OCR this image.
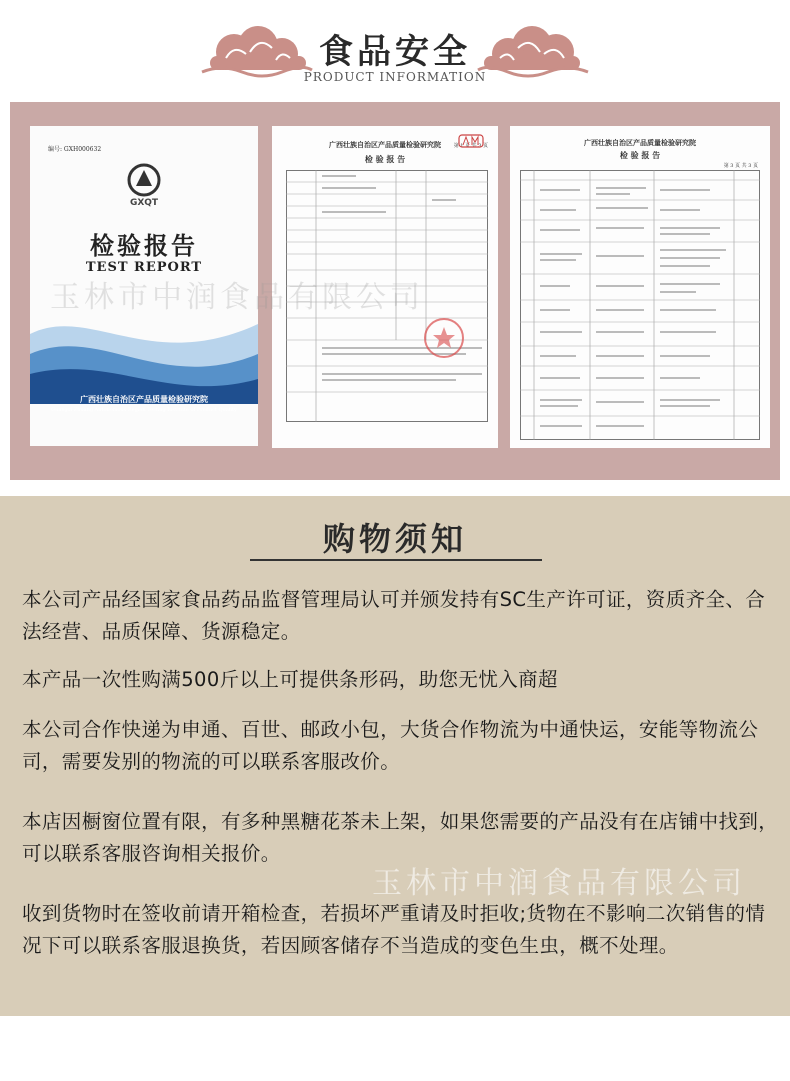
食品安全
PRODUCT INFORMATION
编号: GXH000632
GXQT
检验报告
TEST REPORT
广西壮族自治区产品质量检验研究院
Guangxi Zhuang Autonomous Region Testing Institute of Product Quality
广西壮族自治区产品质量检验研究院
检 验 报 告
第 1 页 共 3 页	广西壮族自治区产品质量检验研究院
检 验 报 告
第 3 页 共 3 页
玉林市中润食品有限公司
购物须知
本公司产品经国家食品药品监督管理局认可并颁发持有SC生产许可证，资质齐全、合法经营、品质保障、货源稳定。
本产品一次性购满500斤以上可提供条形码，助您无忧入商超
本公司合作快递为申通、百世、邮政小包，大货合作物流为中通快运，安能等物流公司，需要发别的物流的可以联系客服改价。
本店因橱窗位置有限，有多种黑糖花茶未上架，如果您需要的产品没有在店铺中找到，可以联系客服咨询相关报价。
收到货物时在签收前请开箱检查，若损坏严重请及时拒收;货物在不影响二次销售的情况下可以联系客服退换货，若因顾客储存不当造成的变色生虫，概不处理。
玉林市中润食品有限公司
